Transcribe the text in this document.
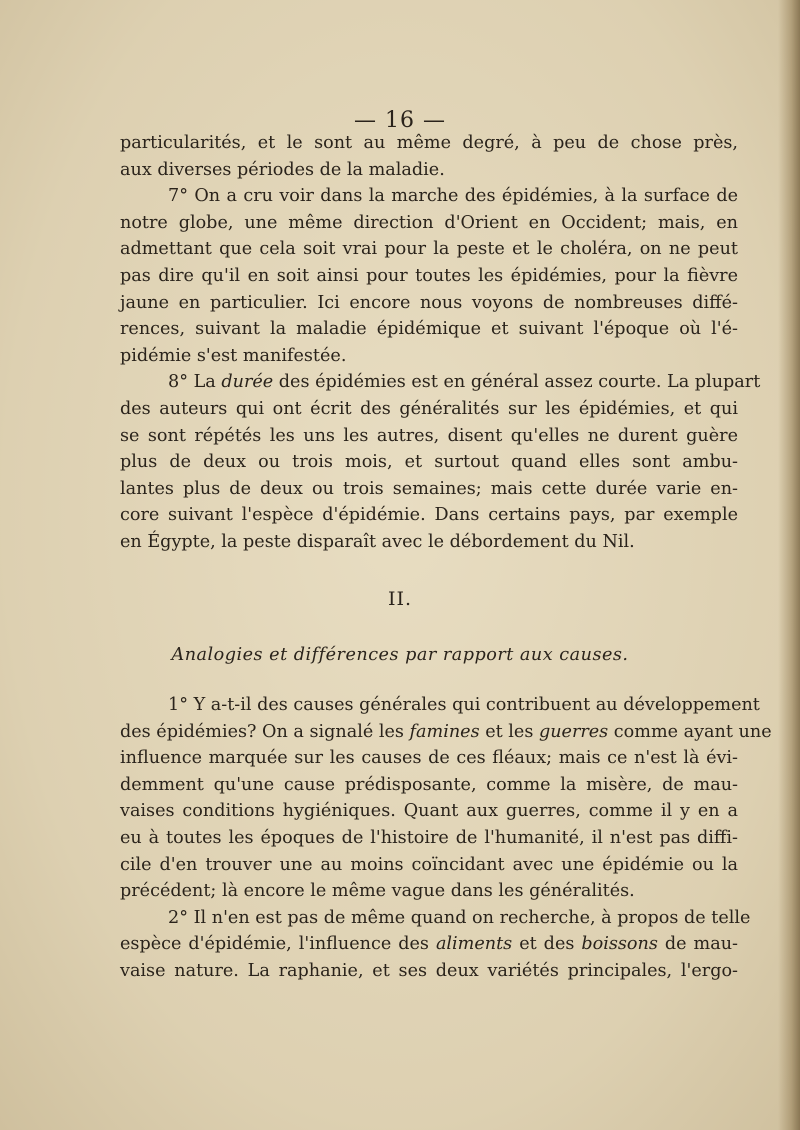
— 16 —
particularités, et le sont au même degré, à peu de chose près,
aux diverses périodes de la maladie.
7° On a cru voir dans la marche des épidémies, à la surface de
notre globe, une même direction d'Orient en Occident; mais, en
admettant que cela soit vrai pour la peste et le choléra, on ne peut
pas dire qu'il en soit ainsi pour toutes les épidémies, pour la fièvre
jaune en particulier. Ici encore nous voyons de nombreuses diffé-
rences, suivant la maladie épidémique et suivant l'époque où l'é-
pidémie s'est manifestée.
8° La durée des épidémies est en général assez courte. La plupart
des auteurs qui ont écrit des généralités sur les épidémies, et qui
se sont répétés les uns les autres, disent qu'elles ne durent guère
plus de deux ou trois mois, et surtout quand elles sont ambu-
lantes plus de deux ou trois semaines; mais cette durée varie en-
core suivant l'espèce d'épidémie. Dans certains pays, par exemple
en Égypte, la peste disparaît avec le débordement du Nil.
II.
Analogies et différences par rapport aux causes.
1° Y a-t-il des causes générales qui contribuent au développement
des épidémies? On a signalé les famines et les guerres comme ayant une
influence marquée sur les causes de ces fléaux; mais ce n'est là évi-
demment qu'une cause prédisposante, comme la misère, de mau-
vaises conditions hygiéniques. Quant aux guerres, comme il y en a
eu à toutes les époques de l'histoire de l'humanité, il n'est pas diffi-
cile d'en trouver une au moins coïncidant avec une épidémie ou la
précédent; là encore le même vague dans les généralités.
2° Il n'en est pas de même quand on recherche, à propos de telle
espèce d'épidémie, l'influence des aliments et des boissons de mau-
vaise nature. La raphanie, et ses deux variétés principales, l'ergo-
